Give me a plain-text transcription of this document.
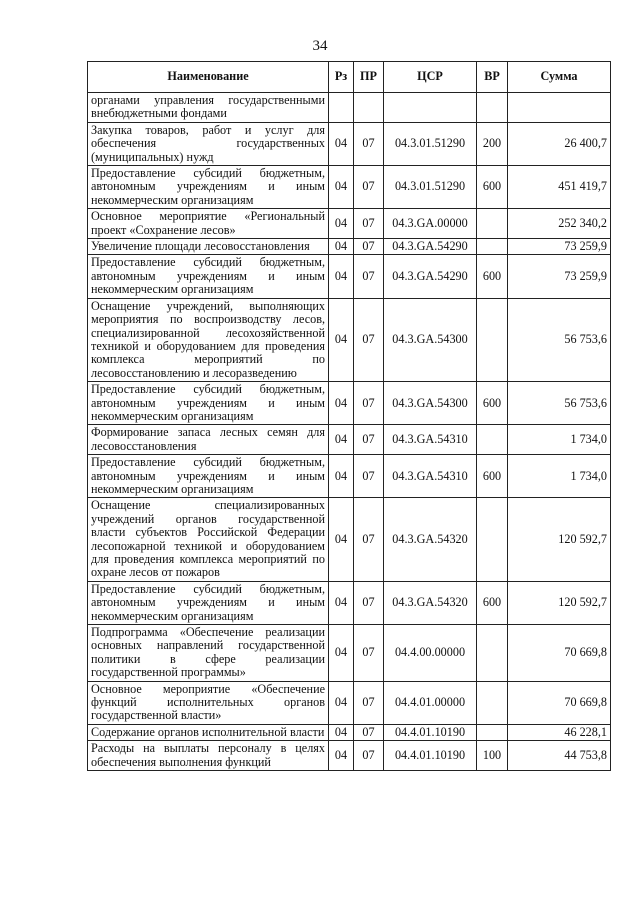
34
Наименование	Рз	ПР	ЦСР	ВР	Сумма
органами управления государственными внебюджетными фондами					
Закупка товаров, работ и услуг для обеспечения государственных (муниципальных) нужд	04	07	04.3.01.51290	200	26 400,7
Предоставление субсидий бюджетным, автономным учреждениям и иным некоммерческим организациям	04	07	04.3.01.51290	600	451 419,7
Основное мероприятие «Региональный проект «Сохранение лесов»	04	07	04.3.GA.00000		252 340,2
Увеличение площади лесовосстановления	04	07	04.3.GA.54290		73 259,9
Предоставление субсидий бюджетным, автономным учреждениям и иным некоммерческим организациям	04	07	04.3.GA.54290	600	73 259,9
Оснащение учреждений, выполняющих мероприятия по воспроизводству лесов, специализированной лесохозяйственной техникой и оборудованием для проведения комплекса мероприятий по лесовосстановлению и лесоразведению	04	07	04.3.GA.54300		56 753,6
Предоставление субсидий бюджетным, автономным учреждениям и иным некоммерческим организациям	04	07	04.3.GA.54300	600	56 753,6
Формирование запаса лесных семян для лесовосстановления	04	07	04.3.GA.54310		1 734,0
Предоставление субсидий бюджетным, автономным учреждениям и иным некоммерческим организациям	04	07	04.3.GA.54310	600	1 734,0
Оснащение специализированных учреждений органов государственной власти субъектов Российской Федерации лесопожарной техникой и оборудованием для проведения комплекса мероприятий по охране лесов от пожаров	04	07	04.3.GA.54320		120 592,7
Предоставление субсидий бюджетным, автономным учреждениям и иным некоммерческим организациям	04	07	04.3.GA.54320	600	120 592,7
Подпрограмма «Обеспечение реализации основных направлений государственной политики в сфере реализации государственной программы»	04	07	04.4.00.00000		70 669,8
Основное мероприятие «Обеспечение функций исполнительных органов государственной власти»	04	07	04.4.01.00000		70 669,8
Содержание органов исполнительной власти	04	07	04.4.01.10190		46 228,1
Расходы на выплаты персоналу в целях обеспечения выполнения функций	04	07	04.4.01.10190	100	44 753,8
